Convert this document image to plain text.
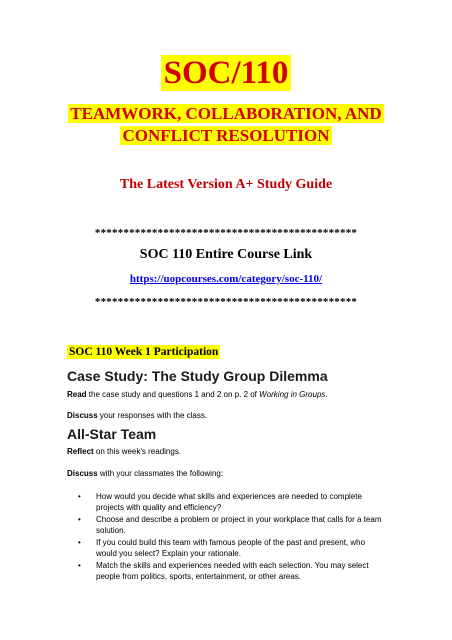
SOC/110
TEAMWORK, COLLABORATION, AND
CONFLICT RESOLUTION
The Latest Version A+ Study Guide
**********************************************
SOC 110 Entire Course Link
https://uopcourses.com/category/soc-110/
**********************************************
SOC 110 Week 1 Participation
Case Study: The Study Group Dilemma
Read the case study and questions 1 and 2 on p. 2 of Working in Groups.
Discuss your responses with the class.
All-Star Team
Reflect on this week's readings.
Discuss with your classmates the following:
• How would you decide what skills and experiences are needed to complete projects with quality and efficiency?
• Choose and describe a problem or project in your workplace that calls for a team solution.
• If you could build this team with famous people of the past and present, who would you select? Explain your rationale.
• Match the skills and experiences needed with each selection. You may select people from politics, sports, entertainment, or other areas.
